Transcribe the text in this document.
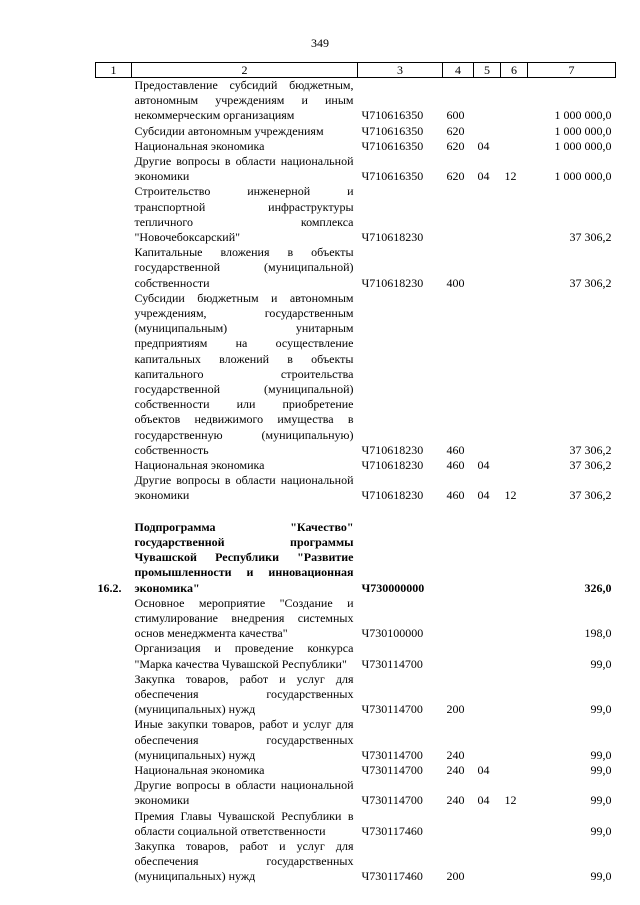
349
1	2	3	4	5	6	7
	Предоставление субсидий бюджетным, автономным учреждениям и иным некоммерческим организациям	Ч710616350	600			1 000 000,0
	Субсидии автономным учреждениям	Ч710616350	620			1 000 000,0
	Национальная экономика	Ч710616350	620	04		1 000 000,0
	Другие вопросы в области национальной экономики	Ч710616350	620	04	12	1 000 000,0
	Строительство инженерной и транспортной инфраструктуры тепличного комплекса "Новочебоксарский"	Ч710618230				37 306,2
	Капитальные вложения в объекты государственной (муниципальной) собственности	Ч710618230	400			37 306,2
	Субсидии бюджетным и автономным учреждениям, государственным (муниципальным) унитарным предприятиям на осуществление капитальных вложений в объекты капитального строительства государственной (муниципальной) собственности или приобретение объектов недвижимого имущества в государственную (муниципальную) собственность	Ч710618230	460			37 306,2
	Национальная экономика	Ч710618230	460	04		37 306,2
	Другие вопросы в области национальной экономики	Ч710618230	460	04	12	37 306,2

16.2.	Подпрограмма "Качество" государственной программы Чувашской Республики "Развитие промышленности и инновационная экономика"	Ч730000000				326,0
	Основное мероприятие "Создание и стимулирование внедрения системных основ менеджмента качества"	Ч730100000				198,0
	Организация и проведение конкурса "Марка качества Чувашской Республики"	Ч730114700				99,0
	Закупка товаров, работ и услуг для обеспечения государственных (муниципальных) нужд	Ч730114700	200			99,0
	Иные закупки товаров, работ и услуг для обеспечения государственных (муниципальных) нужд	Ч730114700	240			99,0
	Национальная экономика	Ч730114700	240	04		99,0
	Другие вопросы в области национальной экономики	Ч730114700	240	04	12	99,0
	Премия Главы Чувашской Республики в области социальной ответственности	Ч730117460				99,0
	Закупка товаров, работ и услуг для обеспечения государственных (муниципальных) нужд	Ч730117460	200			99,0
